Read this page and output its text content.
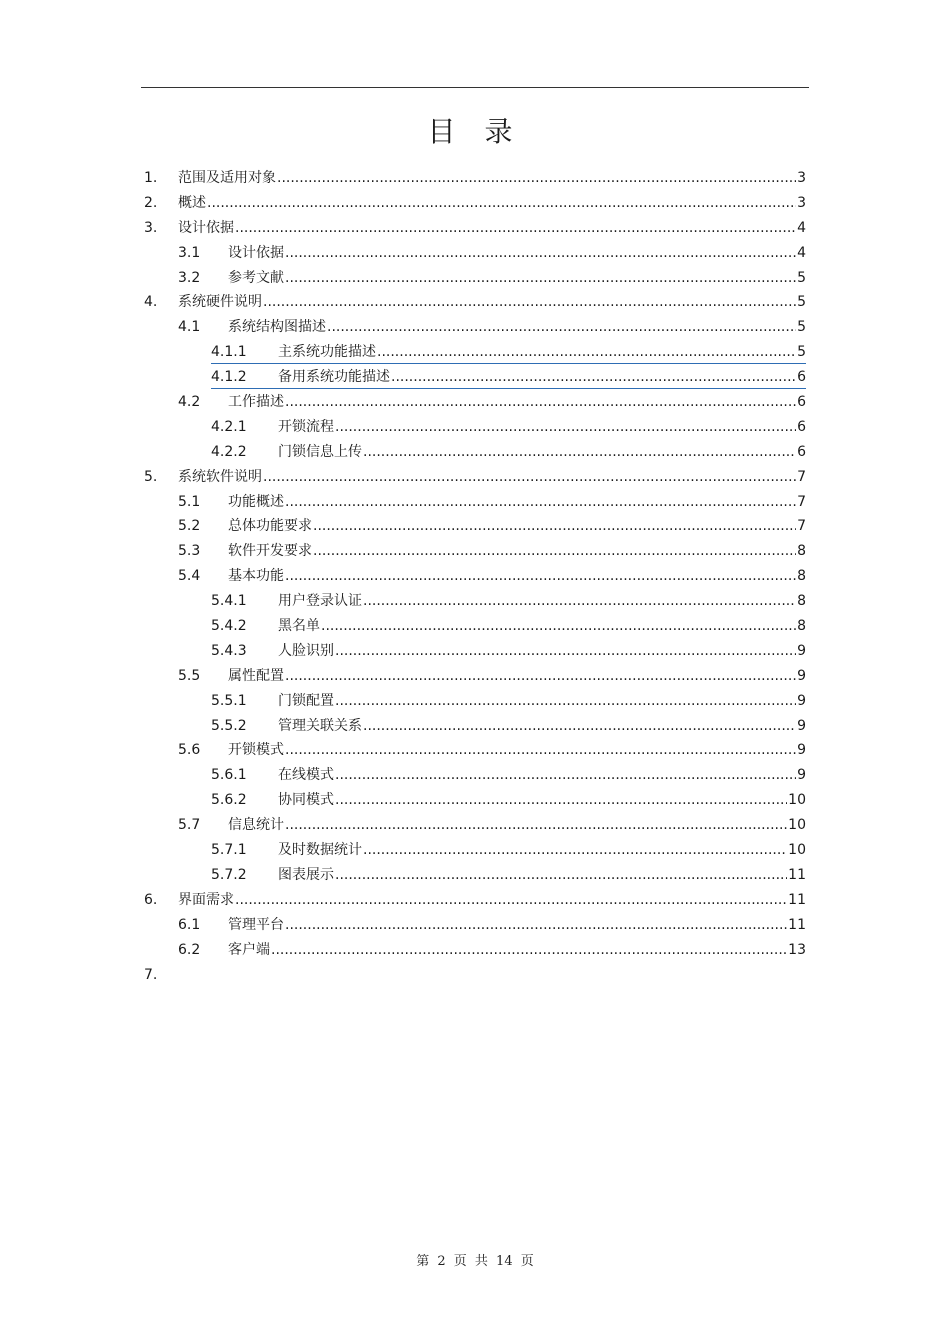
目 录
1. 范围及适用对象 .....	3
2. 概述 .....	3
3. 设计依据 .....	4
3.1 设计依据 .....	4
3.2 参考文献 .....	5
4. 系统硬件说明 .....	5
4.1 系统结构图描述 .....	5
4.1.1	主系统功能描述 .....	5
4.1.2	备用系统功能描述 .....	6
4.2 工作描述 .....	6
4.2.1 开锁流程 .....	6
4.2.2 门锁信息上传 .....	6
5. 系统软件说明 .....	7
5.1 功能概述 .....	7
5.2 总体功能要求 .....	7
5.3 软件开发要求 .....	8
5.4 基本功能 .....	8
5.4.1 用户登录认证 .....	8
5.4.2 黑名单 .....	8
5.4.3 人脸识别 .....	9
5.5 属性配置 .....	9
5.5.1 门锁配置 .....	9
5.5.2 管理关联关系 .....	9
5.6 开锁模式 .....	9
5.6.1 在线模式 .....	9
5.6.2 协同模式 .....	10
5.7 信息统计 .....	10
5.7.1 及时数据统计 .....	10
5.7.2 图表展示 .....	11
6. 界面需求 .....	11
6.1 管理平台 .....	11
6.2 客户端 .....	13
7.
第 2 页 共 14 页
